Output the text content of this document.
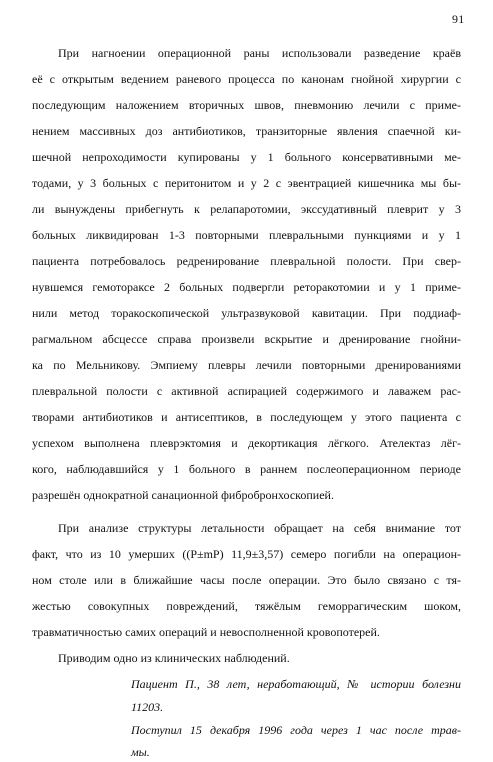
91
При нагноении операционной раны использовали разведение краёв
её с открытым ведением раневого процесса по канонам гнойной хирургии с
последующим наложением вторичных швов, пневмонию лечили с приме-
нением массивных доз антибиотиков, транзиторные явления спаечной ки-
шечной непроходимости купированы у 1 больного консервативными ме-
тодами, у 3 больных с перитонитом и у 2 с эвентрацией кишечника мы бы-
ли вынуждены прибегнуть к релапаротомии, экссудативный плеврит у 3
больных ликвидирован 1-3 повторными плевральными пункциями и у 1
пациента потребовалось редренирование плевральной полости. При свер-
нувшемся гемотораксе 2 больных подвергли реторакотомии и у 1 приме-
нили метод торакоскопической ультразвуковой кавитации. При поддиаф-
рагмальном абсцессе справа произвели вскрытие и дренирование гнойни-
ка по Мельникову. Эмпиему плевры лечили повторными дренированиями
плевральной полости с активной аспирацией содержимого и лаважем рас-
творами антибиотиков и антисептиков, в последующем у этого пациента с
успехом выполнена плеврэктомия и декортикация лёгкого. Ателектаз лёг-
кого, наблюдавшийся у 1 больного в раннем послеоперационном периоде
разрешён однократной санационной фибробронхоскопией.
При анализе структуры летальности обращает на себя внимание тот
факт, что из 10 умерших ((P±mP) 11,9±3,57) семеро погибли на операцион-
ном столе или в ближайшие часы после операции. Это было связано с тя-
жестью совокупных повреждений, тяжёлым геморрагическим шоком,
травматичностью самих операций и невосполненной кровопотерей.
Приводим одно из клинических наблюдений.
Пациент П., 38 лет, неработающий, № истории болезни
11203.
Поступил 15 декабря 1996 года через 1 час после трав-
мы.
